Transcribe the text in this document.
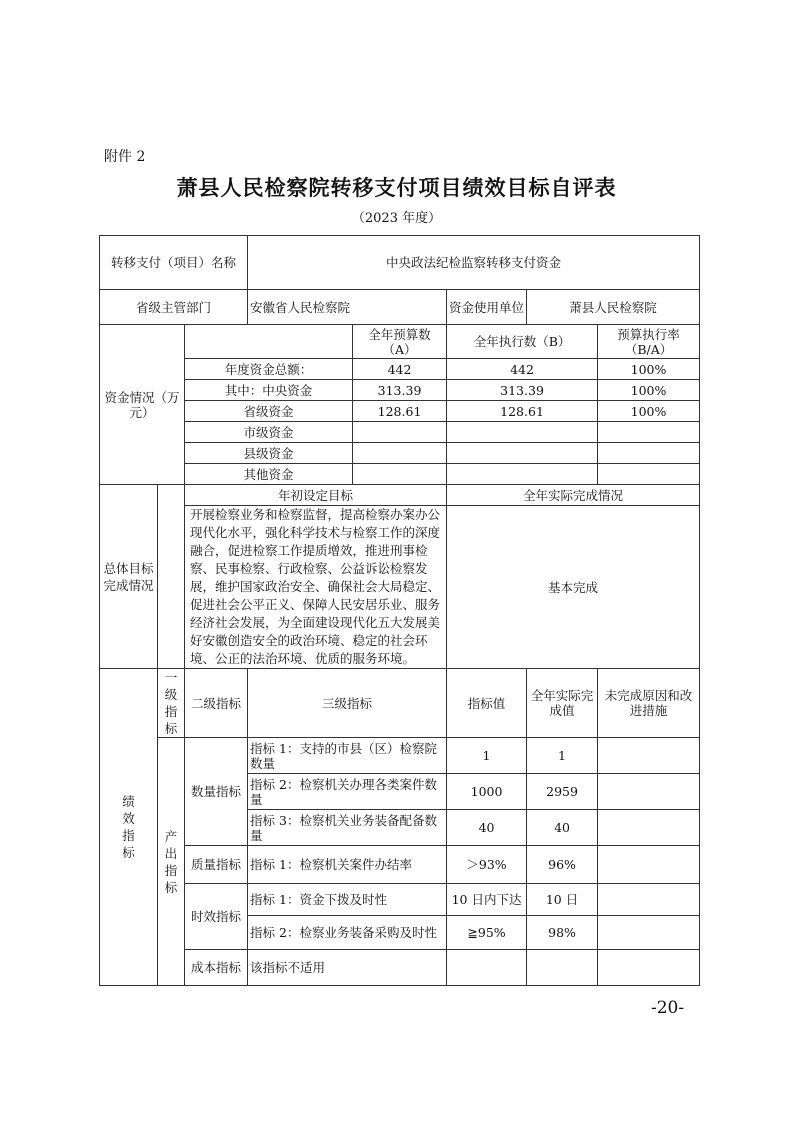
附件 2
萧县人民检察院转移支付项目绩效目标自评表
（2023 年度）
转移支付（项目）名称			中央政法纪检监察转移支付资金				
省级主管部门			安徽省人民检察院		资金使用单位	萧县人民检察院	
资金情况（万元）				全年预算数（A）	全年执行数（B）		预算执行率（B/A）
		年度资金总额：		442	442		100%
		其中：中央资金		313.39	313.39		100%
		省级资金		128.61	128.61		100%
		市级资金					
		县级资金					
		其他资金					
总体目标完成情况		年初设定目标			全年实际完成情况		
		开展检察业务和检察监督，提高检察办案办公现代化水平，强化科学技术与检察工作的深度融合，促进检察工作提质增效，推进刑事检察、民事检察、行政检察、公益诉讼检察发展，维护国家政治安全、确保社会大局稳定、促进社会公平正义、保障人民安居乐业、服务经济社会发展，为全面建设现代化五大发展美好安徽创造安全的政治环境、稳定的社会环境、公正的法治环境、优质的服务环境。			基本完成		
绩效指标	一级指标	二级指标	三级指标		指标值	全年实际完成值	未完成原因和改进措施
	产出指标	数量指标	指标 1：支持的市县（区）检察院数量		1	1	
			指标 2：检察机关办理各类案件数量		1000	2959	
			指标 3：检察机关业务装备配备数量		40	40	
		质量指标	指标 1：检察机关案件办结率		＞93%	96%	
		时效指标	指标 1：资金下拨及时性		10 日内下达	10 日	
			指标 2：检察业务装备采购及时性		≧95%	98%	
		成本指标	该指标不适用				
-20-
